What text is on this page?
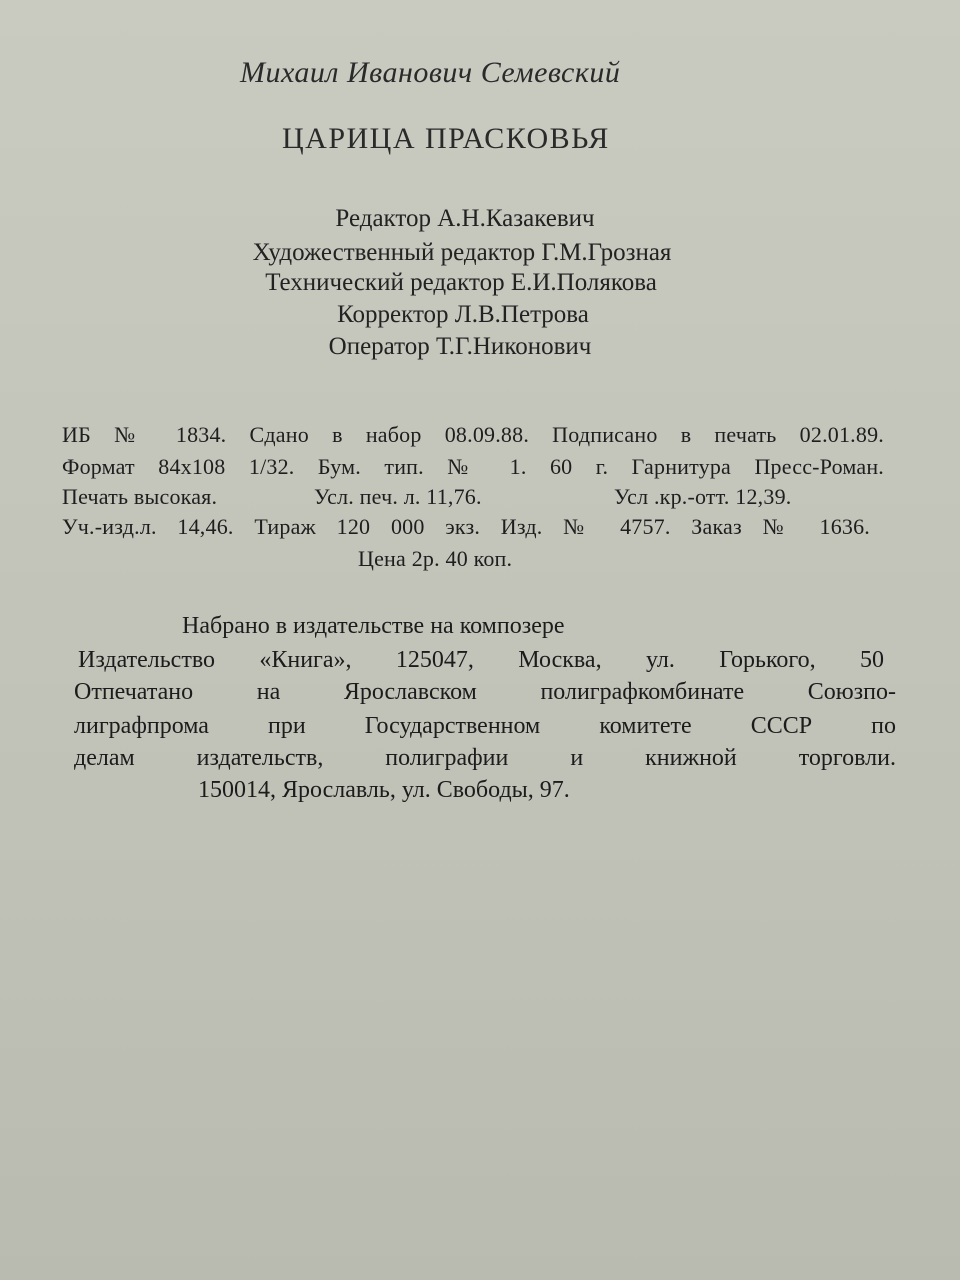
Михаил Иванович Семевский

ЦАРИЦА ПРАСКОВЬЯ

Редактор А.Н.Казакевич

Художественный редактор Г.М.Грозная

Технический редактор Е.И.Полякова

Корректор Л.В.Петрова

Оператор Т.Г.Никонович

ИБ № 1834. Сдано в набор 08.09.88. Подписано в печать 02.01.89.

Формат 84х108 1/32. Бум. тип. № 1. 60 г. Гарнитура Пресс-Роман.

Печать высокая.	Усл. печ. л. 11,76.	Усл .кр.-отт. 12,39.

Уч.-изд.л. 14,46. Тираж 120 000 экз. Изд. № 4757. Заказ № 1636.

Цена 2р. 40 коп.

Набрано в издательстве на композере

Издательство «Книга», 125047, Москва, ул. Горького, 50

Отпечатано на Ярославском полиграфкомбинате Союзпо-

лиграфпрома при Государственном комитете СССР по

делам издательств, полиграфии и книжной торговли.

150014, Ярославль, ул. Свободы, 97.
